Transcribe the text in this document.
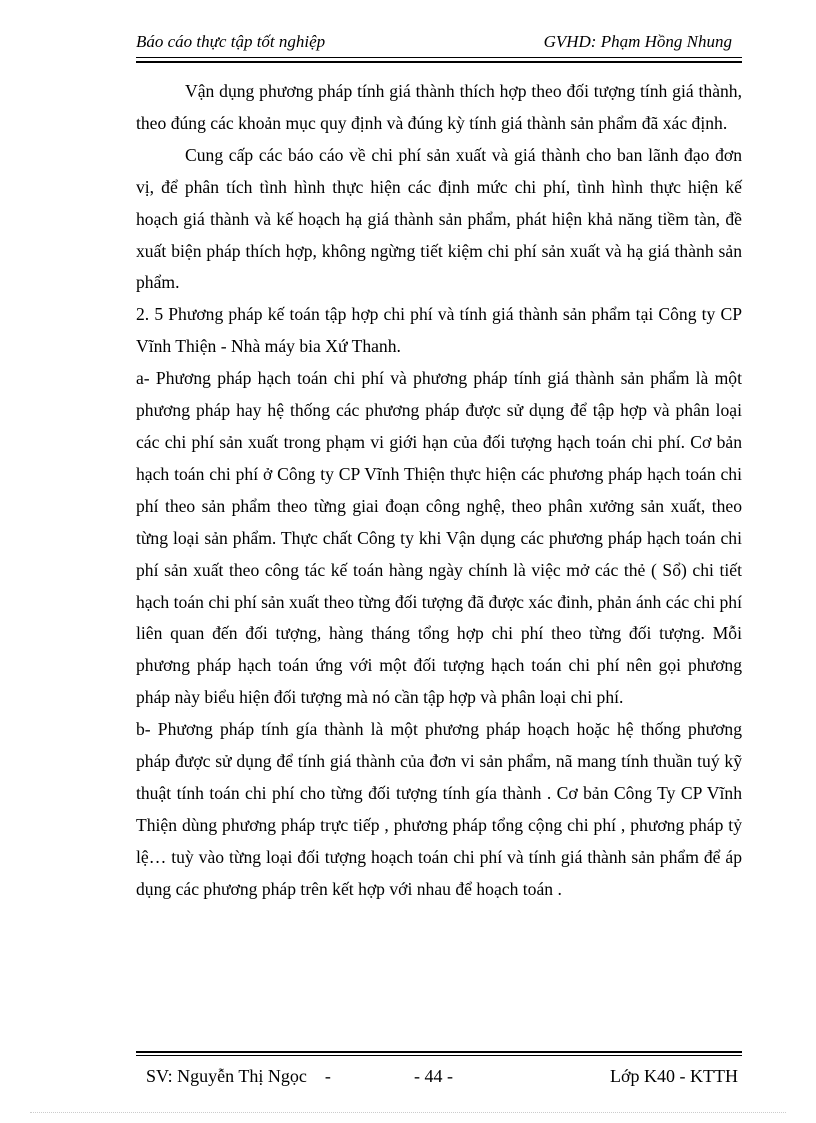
Báo cáo thực tập tốt nghiệp	GVHD: Phạm Hồng Nhung

Vận dụng phương pháp tính giá thành thích hợp theo đối tượng tính giá thành, theo đúng các khoản mục quy định và đúng kỳ tính giá thành sản phẩm đã xác định.

Cung cấp các báo cáo về chi phí sản xuất và giá thành cho ban lãnh đạo đơn vị, để phân tích tình hình thực hiện các định mức chi phí, tình hình thực hiện kế hoạch giá thành và kế hoạch hạ giá thành sản phẩm, phát hiện khả năng tiềm tàn, đề xuất biện pháp thích hợp, không ngừng tiết kiệm chi phí sản xuất và hạ giá thành sản phẩm.

2. 5 Phương pháp kế toán tập hợp chi phí và tính giá thành sản phẩm tại Công ty CP Vĩnh Thiện - Nhà máy bia Xứ Thanh.

a- Phương pháp hạch toán chi phí và phương pháp tính giá thành sản phẩm là một phương pháp hay hệ thống các phương pháp được sử dụng để tập hợp và phân loại các chi phí sản xuất trong phạm vi giới hạn của đối tượng hạch toán chi phí. Cơ bản hạch toán chi phí ở Công ty CP Vĩnh Thiện thực hiện các phương pháp hạch toán chi phí theo sản phẩm theo từng giai đoạn công nghệ, theo phân xưởng sản xuất, theo từng loại sản phẩm. Thực chất Công ty khi Vận dụng các phương pháp hạch toán chi phí sản xuất theo công tác kế toán hàng ngày chính là việc mở các thẻ ( Sổ) chi tiết hạch toán chi phí sản xuất theo từng đối tượng đã được xác đinh, phản ánh các chi phí liên quan đến đối tượng, hàng tháng tổng hợp chi phí theo từng đối tượng. Mỗi phương pháp hạch toán ứng với một đối tượng hạch toán chi phí nên gọi phương pháp này biểu hiện đối tượng mà nó cần tập hợp và phân loại chi phí.

b- Phương pháp tính gía thành là một phương pháp hoạch hoặc hệ thống phương pháp được sử dụng để tính giá thành của đơn vi sản phẩm, nã mang tính thuần tuý kỹ thuật tính toán chi phí cho từng đối tượng tính gía thành . Cơ bản Công Ty CP Vĩnh Thiện dùng phương pháp trực tiếp , phương pháp tổng cộng chi phí , phương pháp tỷ lệ… tuỳ vào từng loại đối tượng hoạch toán chi phí và tính giá thành sản phẩm để áp dụng các phương pháp trên kết hợp với nhau để hoạch toán .

SV: Nguyễn Thị Ngọc    -	- 44 -	Lớp K40 - KTTH
